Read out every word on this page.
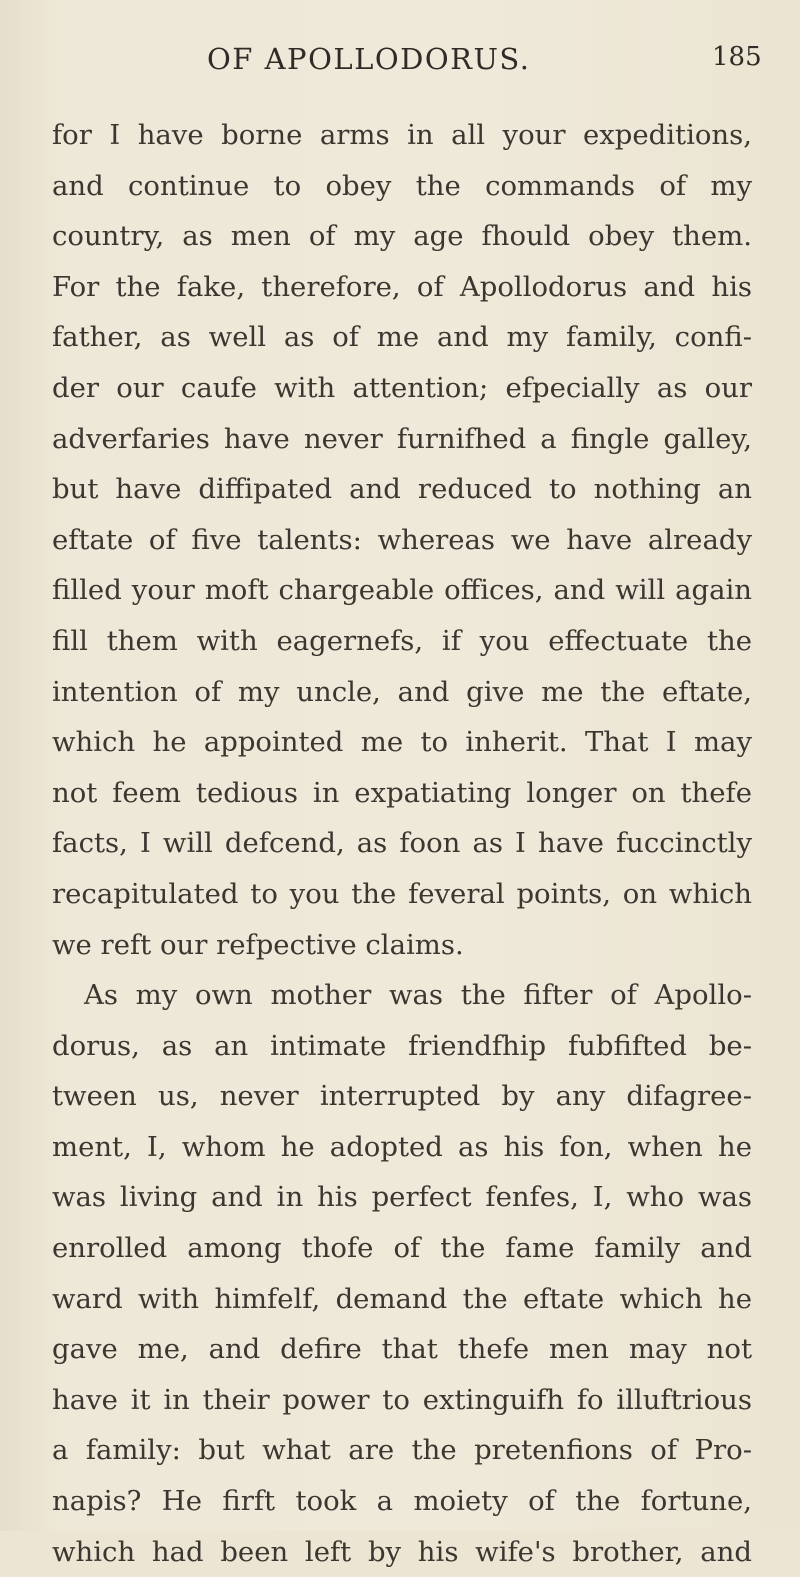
OF APOLLODORUS.	185
for I have borne arms in all your expeditions,
and continue to obey the commands of my
country, as men of my age fhould obey them.
For the fake, therefore, of Apollodorus and his
father, as well as of me and my family, confi-
der our caufe with attention; efpecially as our
adverfaries have never furnifhed a fingle galley,
but have diffipated and reduced to nothing an
eftate of five talents: whereas we have already
filled your moft chargeable offices, and will again
fill them with eagernefs, if you effectuate the
intention of my uncle, and give me the eftate,
which he appointed me to inherit. That I may
not feem tedious in expatiating longer on thefe
facts, I will defcend, as foon as I have fuccinctly
recapitulated to you the feveral points, on which
we reft our refpective claims.
As my own mother was the fifter of Apollo-
dorus, as an intimate friendfhip fubfifted be-
tween us, never interrupted by any difagree-
ment, I, whom he adopted as his fon, when he
was living and in his perfect fenfes, I, who was
enrolled among thofe of the fame family and
ward with himfelf, demand the eftate which he
gave me, and defire that thefe men may not
have it in their power to extinguifh fo illuftrious
a family: but what are the pretenfions of Pro-
napis? He firft took a moiety of the fortune,
which had been left by his wife's brother, and
